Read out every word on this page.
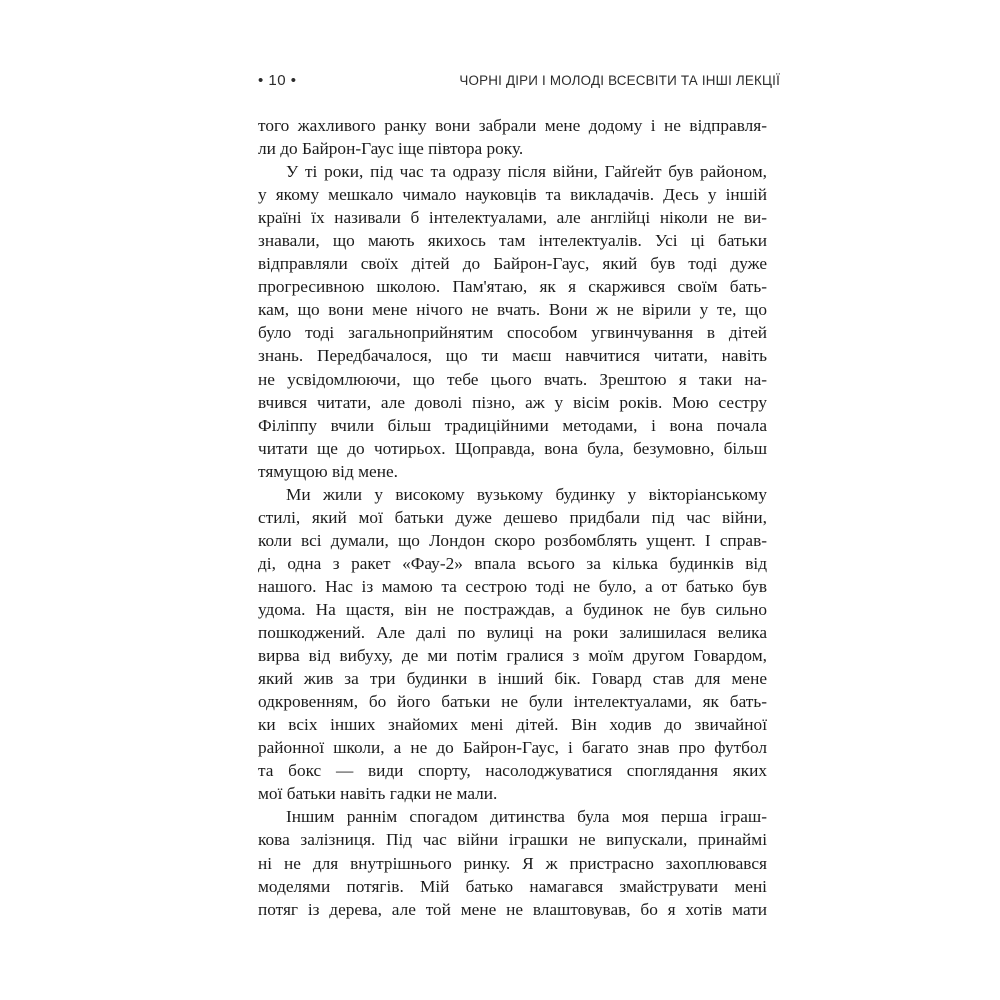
• 10 •	ЧОРНІ ДІРИ І МОЛОДІ ВСЕСВІТИ ТА ІНШІ ЛЕКЦІЇ
того жахливого ранку вони забрали мене додому і не відправля-
ли до Байрон-Гаус іще півтора року.
У ті роки, під час та одразу після війни, Гайґейт був районом,
у якому мешкало чимало науковців та викладачів. Десь у іншій
країні їх називали б інтелектуалами, але англійці ніколи не ви-
знавали, що мають якихось там інтелектуалів. Усі ці батьки
відправляли своїх дітей до Байрон-Гаус, який був тоді дуже
прогресивною школою. Пам'ятаю, як я скаржився своїм бать-
кам, що вони мене нічого не вчать. Вони ж не вірили у те, що
було тоді загальноприйнятим способом угвинчування в дітей
знань. Передбачалося, що ти маєш навчитися читати, навіть
не усвідомлюючи, що тебе цього вчать. Зрештою я таки на-
вчився читати, але доволі пізно, аж у вісім років. Мою сестру
Філіппу вчили більш традиційними методами, і вона почала
читати ще до чотирьох. Щоправда, вона була, безумовно, більш
тямущою від мене.
Ми жили у високому вузькому будинку у вікторіанському
стилі, який мої батьки дуже дешево придбали під час війни,
коли всі думали, що Лондон скоро розбомблять ущент. І справ-
ді, одна з ракет «Фау-2» впала всього за кілька будинків від
нашого. Нас із мамою та сестрою тоді не було, а от батько був
удома. На щастя, він не постраждав, а будинок не був сильно
пошкоджений. Але далі по вулиці на роки залишилася велика
вирва від вибуху, де ми потім гралися з моїм другом Говардом,
який жив за три будинки в інший бік. Говард став для мене
одкровенням, бо його батьки не були інтелектуалами, як бать-
ки всіх інших знайомих мені дітей. Він ходив до звичайної
районної школи, а не до Байрон-Гаус, і багато знав про футбол
та бокс — види спорту, насолоджуватися споглядання яких
мої батьки навіть гадки не мали.
Іншим раннім спогадом дитинства була моя перша іграш-
кова залізниця. Під час війни іграшки не випускали, принаймі
ні не для внутрішнього ринку. Я ж пристрасно захоплювався
моделями потягів. Мій батько намагався змайструвати мені
потяг із дерева, але той мене не влаштовував, бо я хотів мати
